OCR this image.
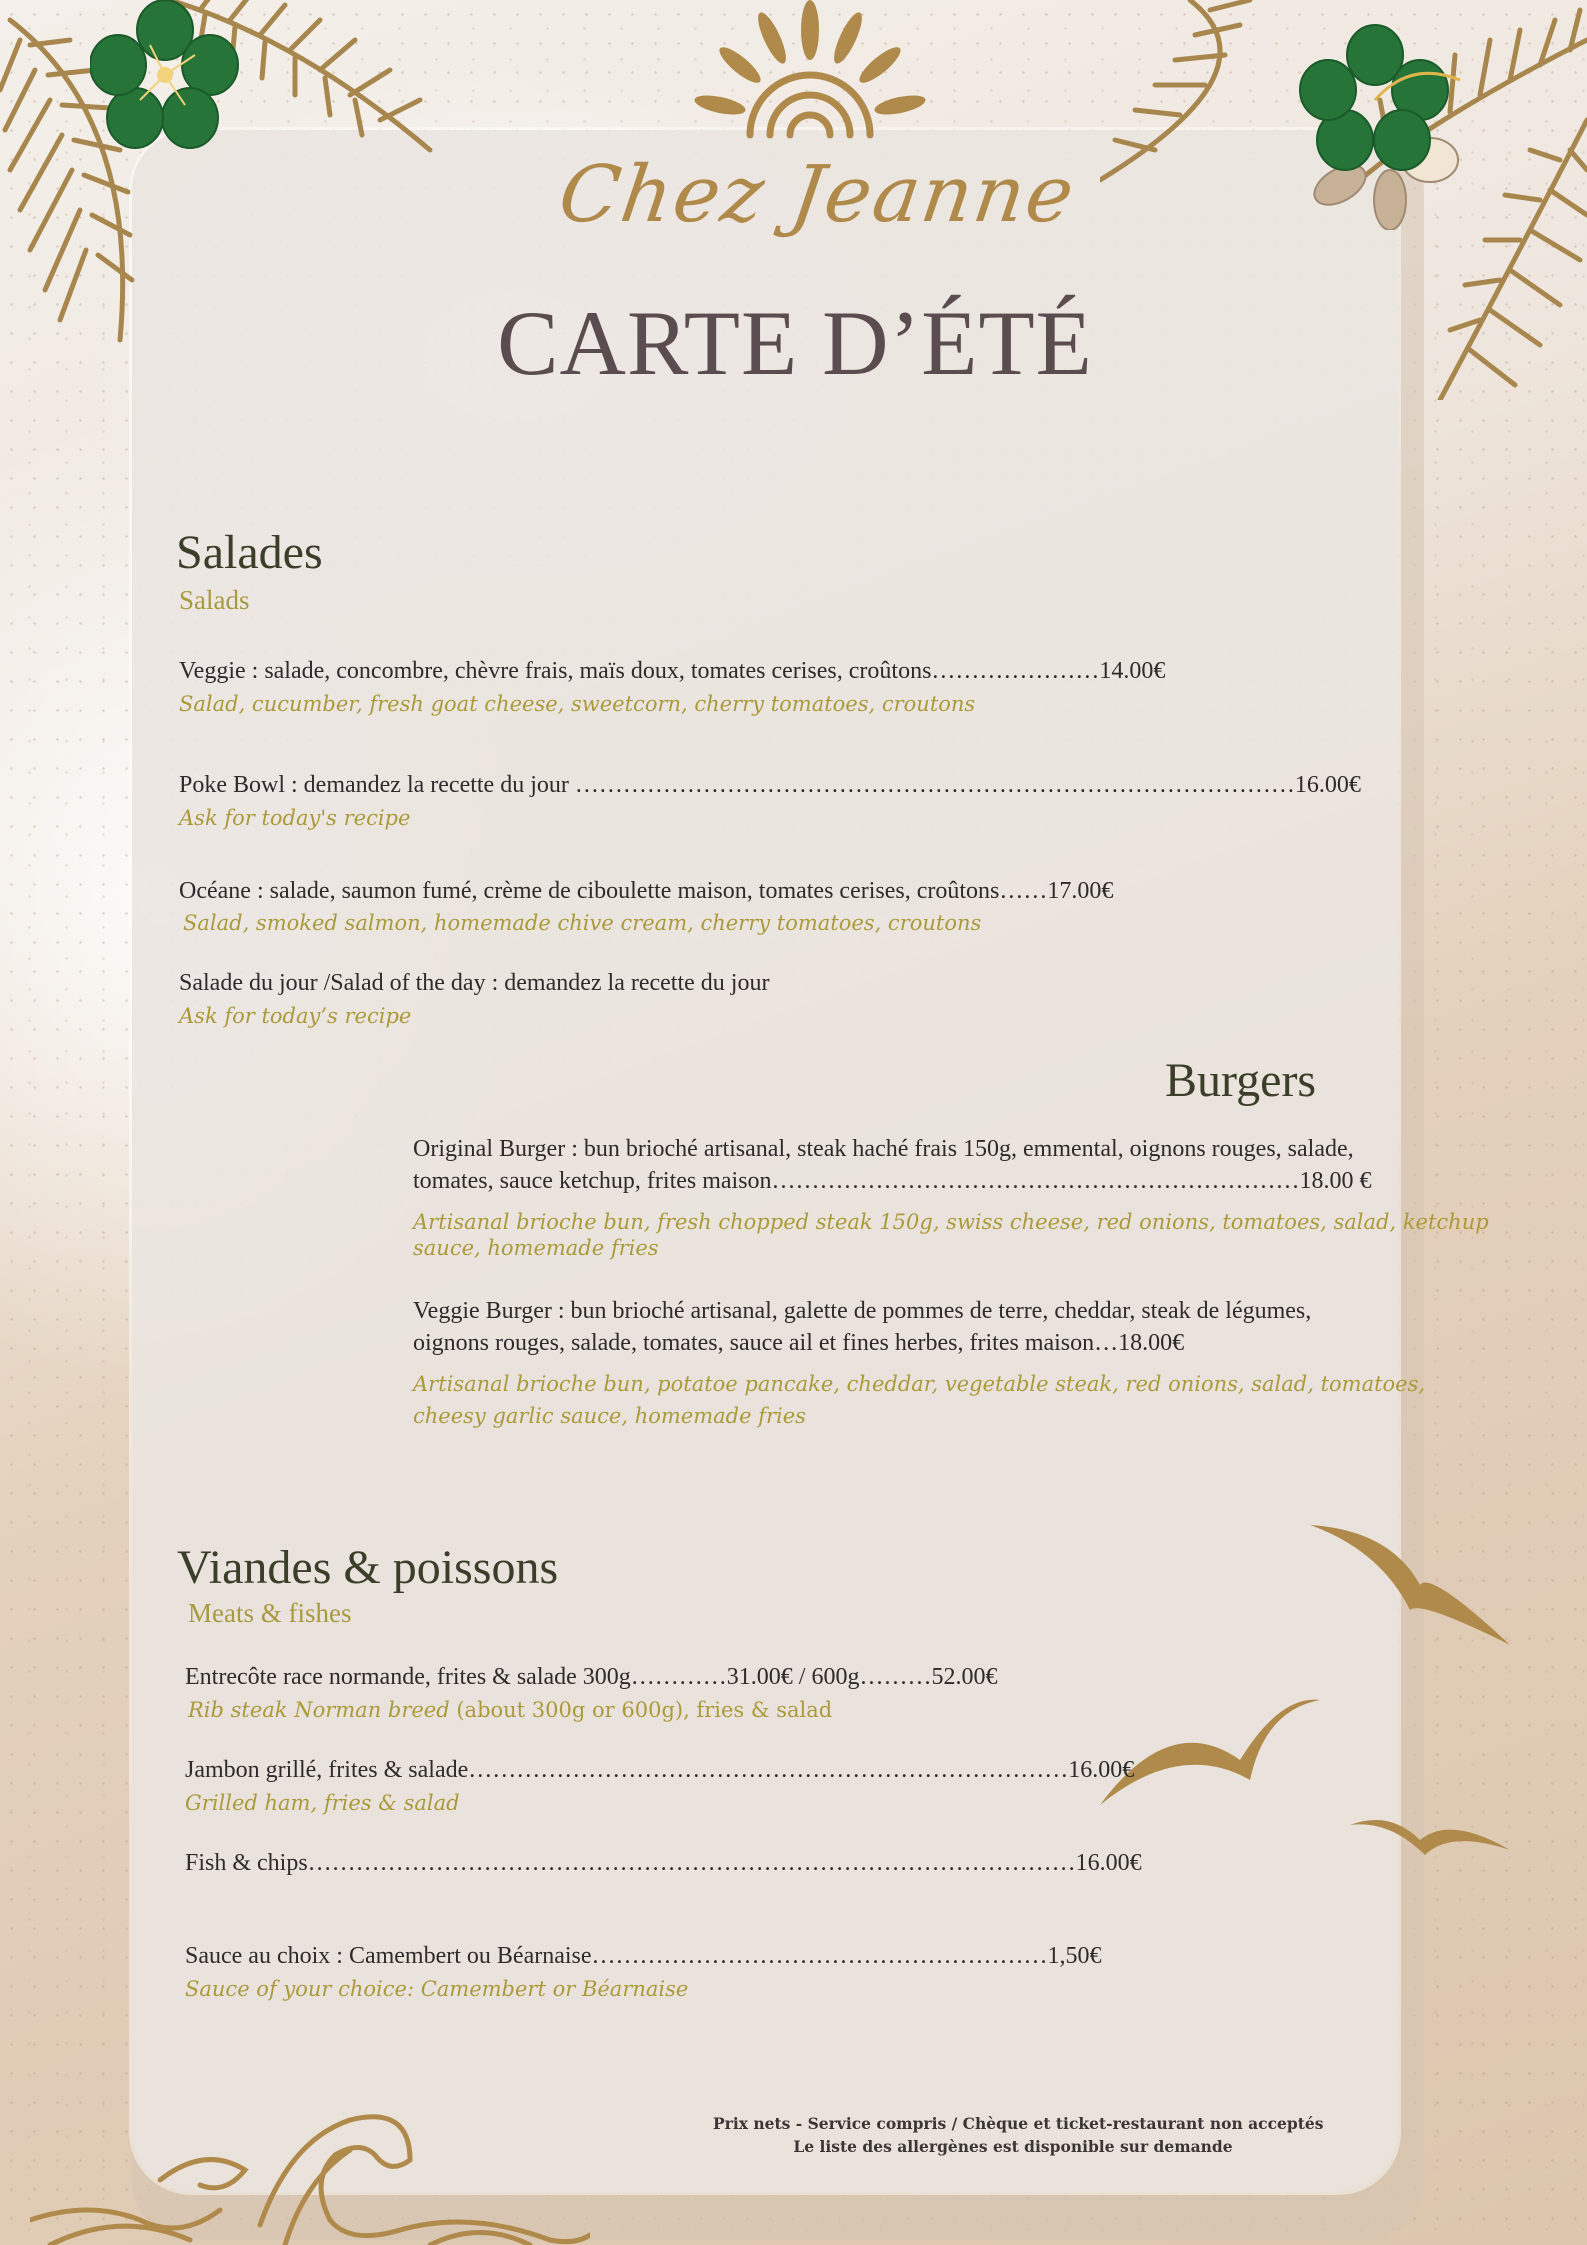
Chez Jeanne

CARTE D’ÉTÉ

Salades

Salads

Veggie : salade, concombre, chèvre frais, maïs doux, tomates cerises, croûtons…………………14.00€

Salad, cucumber, fresh goat cheese, sweetcorn, cherry tomatoes, croutons

Poke Bowl : demandez la recette du jour ………………………………………………………………………………16.00€

Ask for today's recipe

Océane : salade, saumon fumé, crème de ciboulette maison, tomates cerises, croûtons……17.00€

Salad, smoked salmon, homemade chive cream, cherry tomatoes, croutons

Salade du jour /Salad of the day : demandez la recette du jour

Ask for today’s recipe

Burgers

Original Burger : bun brioché artisanal, steak haché frais 150g, emmental, oignons rouges, salade,

tomates, sauce ketchup, frites maison…………………………………………………………18.00 €

Artisanal brioche bun, fresh chopped steak 150g, swiss cheese, red onions, tomatoes, salad, ketchup

sauce, homemade fries

Veggie Burger : bun brioché artisanal, galette de pommes de terre, cheddar, steak de légumes,

oignons rouges, salade, tomates, sauce ail et fines herbes, frites maison…18.00€

Artisanal brioche bun, potatoe pancake, cheddar, vegetable steak, red onions, salad, tomatoes,

cheesy garlic sauce, homemade fries

Viandes & poissons

Meats & fishes

Entrecôte race normande, frites & salade 300g…………31.00€ / 600g………52.00€

Rib steak Norman breed (about 300g or 600g), fries & salad

Jambon grillé, frites & salade…………………………………………………………………16.00€

Grilled ham, fries & salad

Fish & chips……………………………………………………………………………………16.00€

Sauce au choix : Camembert ou Béarnaise…………………………………………………1,50€

Sauce of your choice: Camembert or Béarnaise

Prix nets - Service compris / Chèque et ticket-restaurant non acceptés

Le liste des allergènes est disponible sur demande
